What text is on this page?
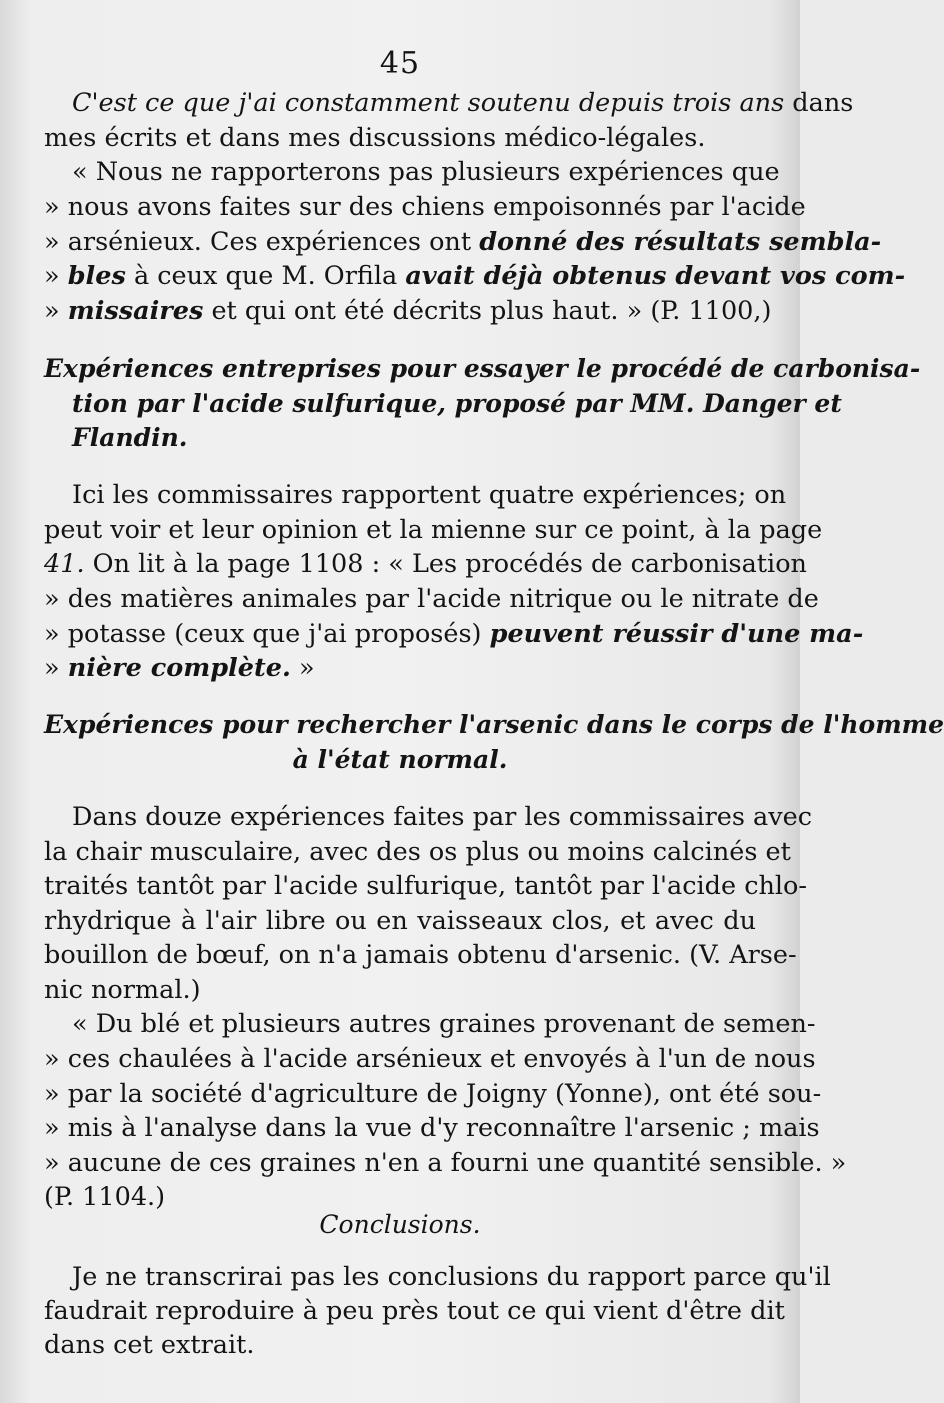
45
C'est ce que j'ai constamment soutenu depuis trois ans dans
mes écrits et dans mes discussions médico-légales.
« Nous ne rapporterons pas plusieurs expériences que
» nous avons faites sur des chiens empoisonnés par l'acide
» arsénieux. Ces expériences ont donné des résultats sembla-
» bles à ceux que M. Orfila avait déjà obtenus devant vos com-
» missaires et qui ont été décrits plus haut. » (P. 1100,)
Expériences entreprises pour essayer le procédé de carbonisa-
tion par l'acide sulfurique, proposé par MM. Danger et
Flandin.
Ici les commissaires rapportent quatre expériences; on
peut voir et leur opinion et la mienne sur ce point, à la page
41. On lit à la page 1108 : « Les procédés de carbonisation
» des matières animales par l'acide nitrique ou le nitrate de
» potasse (ceux que j'ai proposés) peuvent réussir d'une ma-
» nière complète. »
Expériences pour rechercher l'arsenic dans le corps de l'homme
à l'état normal.
Dans douze expériences faites par les commissaires avec
la chair musculaire, avec des os plus ou moins calcinés et
traités tantôt par l'acide sulfurique, tantôt par l'acide chlo-
rhydrique à l'air libre ou en vaisseaux clos, et avec du
bouillon de bœuf, on n'a jamais obtenu d'arsenic. (V. Arse-
nic normal.)
« Du blé et plusieurs autres graines provenant de semen-
» ces chaulées à l'acide arsénieux et envoyés à l'un de nous
» par la société d'agriculture de Joigny (Yonne), ont été sou-
» mis à l'analyse dans la vue d'y reconnaître l'arsenic ; mais
» aucune de ces graines n'en a fourni une quantité sensible. »
(P. 1104.)
Conclusions.
Je ne transcrirai pas les conclusions du rapport parce qu'il
faudrait reproduire à peu près tout ce qui vient d'être dit
dans cet extrait.
